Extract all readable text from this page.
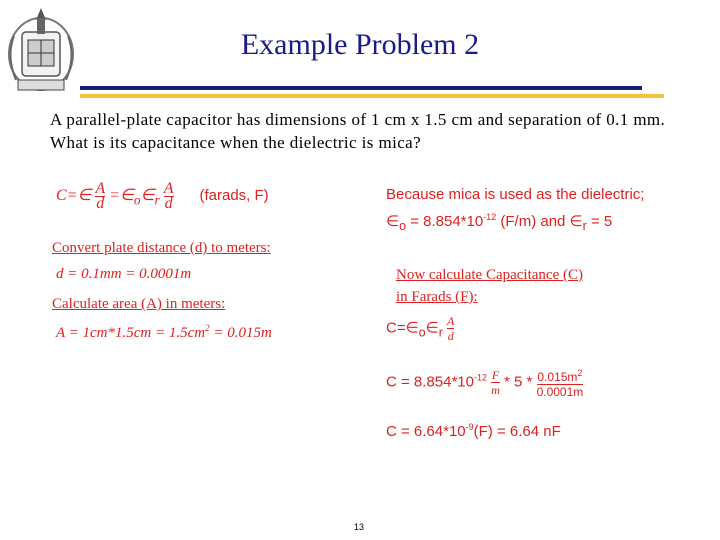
Example Problem 2
A parallel-plate capacitor has dimensions of 1 cm x 1.5 cm and separation of 0.1 mm. What is its capacitance when the dielectric is mica?
C=∈ $\frac{A}{d}$ $=\in_o\in_r \frac{A}{d}$ (farads, F)	Because mica is used as the dielectric;
$\in_o = 8.854*10^{-12}$ (F/m) and $\in_r = 5$
Convert plate distance (d) to meters:
d = 0.1mm = 0.0001m
Calculate area (A) in meters:
$A = 1cm*1.5cm = 1.5cm^2 = 0.015m$
Now calculate Capacitance (C)
in Farads (F):
$C=\in_o\in_r \frac{A}{d}$
$C = 8.854*10^{-12} \frac{F}{m} * 5 * \frac{0.015m^2}{0.0001m}$
$C = 6.64*10^{-9}(F) = 6.64$ nF
13
